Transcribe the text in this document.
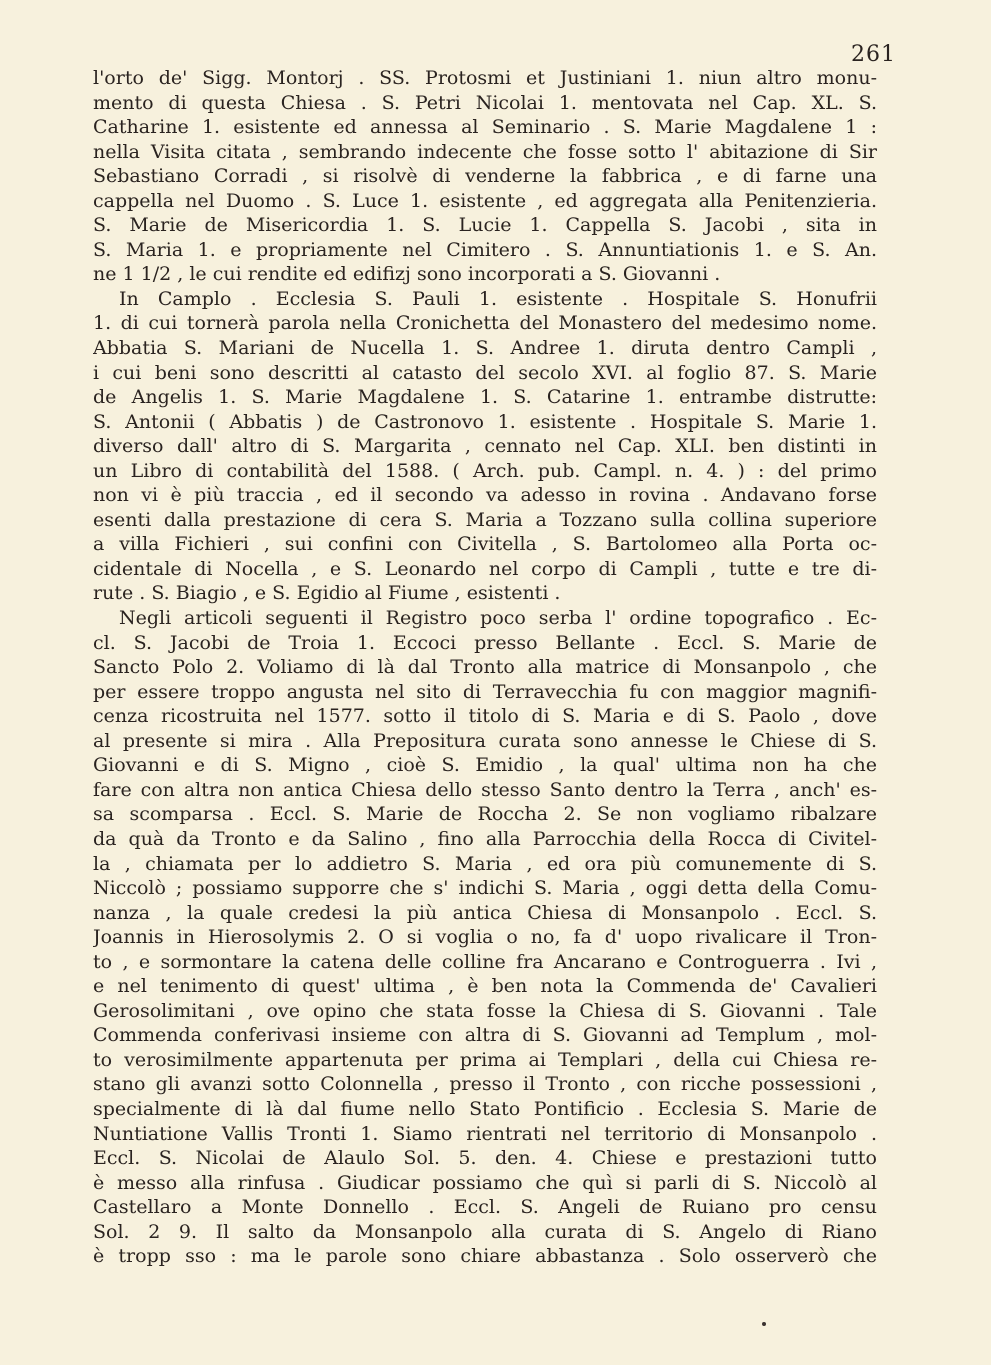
261
l'orto de' Sigg. Montorj . SS. Protosmi et Justiniani 1. niun altro monu-
mento di questa Chiesa . S. Petri Nicolai 1. mentovata nel Cap. XL. S.
Catharine 1. esistente ed annessa al Seminario . S. Marie Magdalene 1 :
nella Visita citata , sembrando indecente che fosse sotto l' abitazione di Sir
Sebastiano Corradi , si risolvè di venderne la fabbrica , e di farne una
cappella nel Duomo . S. Luce 1. esistente , ed aggregata alla Penitenzieria.
S. Marie de Misericordia 1. S. Lucie 1. Cappella S. Jacobi , sita in
S. Maria 1. e propriamente nel Cimitero . S. Annuntiationis 1. e S. An.
ne 1 1/2 , le cui rendite ed edifizj sono incorporati a S. Giovanni .
In Camplo . Ecclesia S. Pauli 1. esistente . Hospitale S. Honufrii
1. di cui tornerà parola nella Cronichetta del Monastero del medesimo nome.
Abbatia S. Mariani de Nucella 1. S. Andree 1. diruta dentro Campli ,
i cui beni sono descritti al catasto del secolo XVI. al foglio 87. S. Marie
de Angelis 1. S. Marie Magdalene 1. S. Catarine 1. entrambe distrutte:
S. Antonii ( Abbatis ) de Castronovo 1. esistente . Hospitale S. Marie 1.
diverso dall' altro di S. Margarita , cennato nel Cap. XLI. ben distinti in
un Libro di contabilità del 1588. ( Arch. pub. Campl. n. 4. ) : del primo
non vi è più traccia , ed il secondo va adesso in rovina . Andavano forse
esenti dalla prestazione di cera S. Maria a Tozzano sulla collina superiore
a villa Fichieri , sui confini con Civitella , S. Bartolomeo alla Porta oc-
cidentale di Nocella , e S. Leonardo nel corpo di Campli , tutte e tre di-
rute . S. Biagio , e S. Egidio al Fiume , esistenti .
Negli articoli seguenti il Registro poco serba l' ordine topografico . Ec-
cl. S. Jacobi de Troia 1. Eccoci presso Bellante . Eccl. S. Marie de
Sancto Polo 2. Voliamo di là dal Tronto alla matrice di Monsanpolo , che
per essere troppo angusta nel sito di Terravecchia fu con maggior magnifi-
cenza ricostruita nel 1577. sotto il titolo di S. Maria e di S. Paolo , dove
al presente si mira . Alla Prepositura curata sono annesse le Chiese di S.
Giovanni e di S. Migno , cioè S. Emidio , la qual' ultima non ha che
fare con altra non antica Chiesa dello stesso Santo dentro la Terra , anch' es-
sa scomparsa . Eccl. S. Marie de Roccha 2. Se non vogliamo ribalzare
da quà da Tronto e da Salino , fino alla Parrocchia della Rocca di Civitel-
la , chiamata per lo addietro S. Maria , ed ora più comunemente di S.
Niccolò ; possiamo supporre che s' indichi S. Maria , oggi detta della Comu-
nanza , la quale credesi la più antica Chiesa di Monsanpolo . Eccl. S.
Joannis in Hierosolymis 2. O si voglia o no, fa d' uopo rivalicare il Tron-
to , e sormontare la catena delle colline fra Ancarano e Controguerra . Ivi ,
e nel tenimento di quest' ultima , è ben nota la Commenda de' Cavalieri
Gerosolimitani , ove opino che stata fosse la Chiesa di S. Giovanni . Tale
Commenda conferivasi insieme con altra di S. Giovanni ad Templum , mol-
to verosimilmente appartenuta per prima ai Templari , della cui Chiesa re-
stano gli avanzi sotto Colonnella , presso il Tronto , con ricche possessioni ,
specialmente di là dal fiume nello Stato Pontificio . Ecclesia S. Marie de
Nuntiatione Vallis Tronti 1. Siamo rientrati nel territorio di Monsanpolo .
Eccl. S. Nicolai de Alaulo Sol. 5. den. 4. Chiese e prestazioni tutto
è messo alla rinfusa . Giudicar possiamo che quì si parli di S. Niccolò al
Castellaro a Monte Donnello . Eccl. S. Angeli de Ruiano pro censu
Sol. 2 9. Il salto da Monsanpolo alla curata di S. Angelo di Riano
è tropp sso : ma le parole sono chiare abbastanza . Solo osserverò che
